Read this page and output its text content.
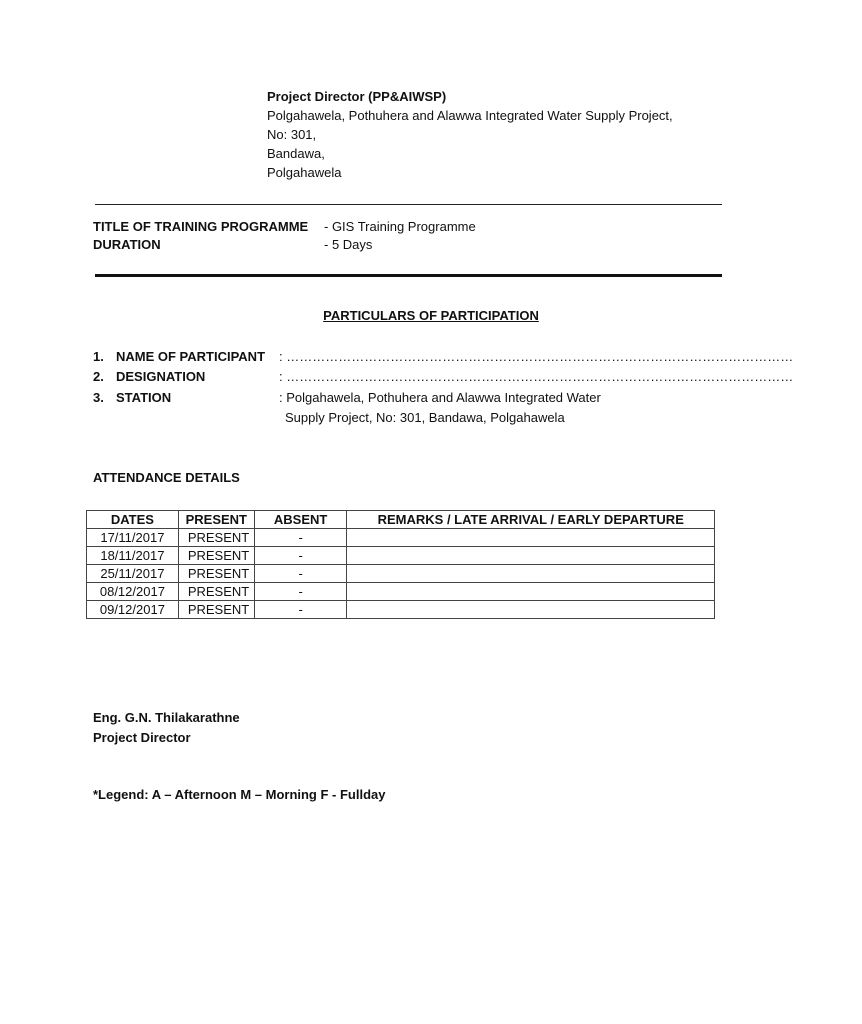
Project Director (PP&AIWSP)
Polgahawela, Pothuhera and Alawwa Integrated Water Supply Project,
No: 301,
Bandawa,
Polgahawela
TITLE OF TRAINING PROGRAMME - GIS Training Programme
DURATION	- 5 Days
PARTICULARS OF PARTICIPATION
1. NAME OF PARTICIPANT : ………………………………………………………………………………………………………
2. DESIGNATION	: ………………………………………………………………………………………………………
3. STATION	: Polgahawela, Pothuhera and Alawwa Integrated Water
Supply Project, No: 301, Bandawa, Polgahawela
ATTENDANCE DETAILS
DATES	PRESENT	ABSENT	REMARKS / LATE ARRIVAL / EARLY DEPARTURE
17/11/2017	PRESENT	-	
18/11/2017	PRESENT	-	
25/11/2017	PRESENT	-	
08/12/2017	PRESENT	-	
09/12/2017	PRESENT	-	
Eng. G.N. Thilakarathne
Project Director
*Legend: A – Afternoon M – Morning F - Fullday
